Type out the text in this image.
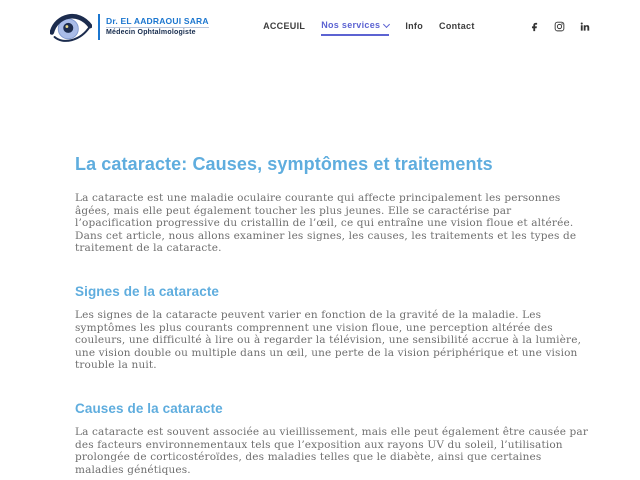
Dr. EL AADRAOUI SARA
Médecin Ophtalmologiste
ACCEUIL Nos services	Info Contact
La cataracte: Causes, symptômes et traitements

La cataracte est une maladie oculaire courante qui affecte principalement les personnes âgées, mais elle peut également toucher les plus jeunes. Elle se caractérise par l’opacification progressive du cristallin de l’œil, ce qui entraîne une vision floue et altérée. Dans cet article, nous allons examiner les signes, les causes, les traitements et les types de traitement de la cataracte.

Signes de la cataracte

Les signes de la cataracte peuvent varier en fonction de la gravité de la maladie. Les symptômes les plus courants comprennent une vision floue, une perception altérée des couleurs, une difficulté à lire ou à regarder la télévision, une sensibilité accrue à la lumière, une vision double ou multiple dans un œil, une perte de la vision périphérique et une vision trouble la nuit.

Causes de la cataracte

La cataracte est souvent associée au vieillissement, mais elle peut également être causée par des facteurs environnementaux tels que l’exposition aux rayons UV du soleil, l’utilisation prolongée de corticostéroïdes, des maladies telles que le diabète, ainsi que certaines maladies génétiques.
